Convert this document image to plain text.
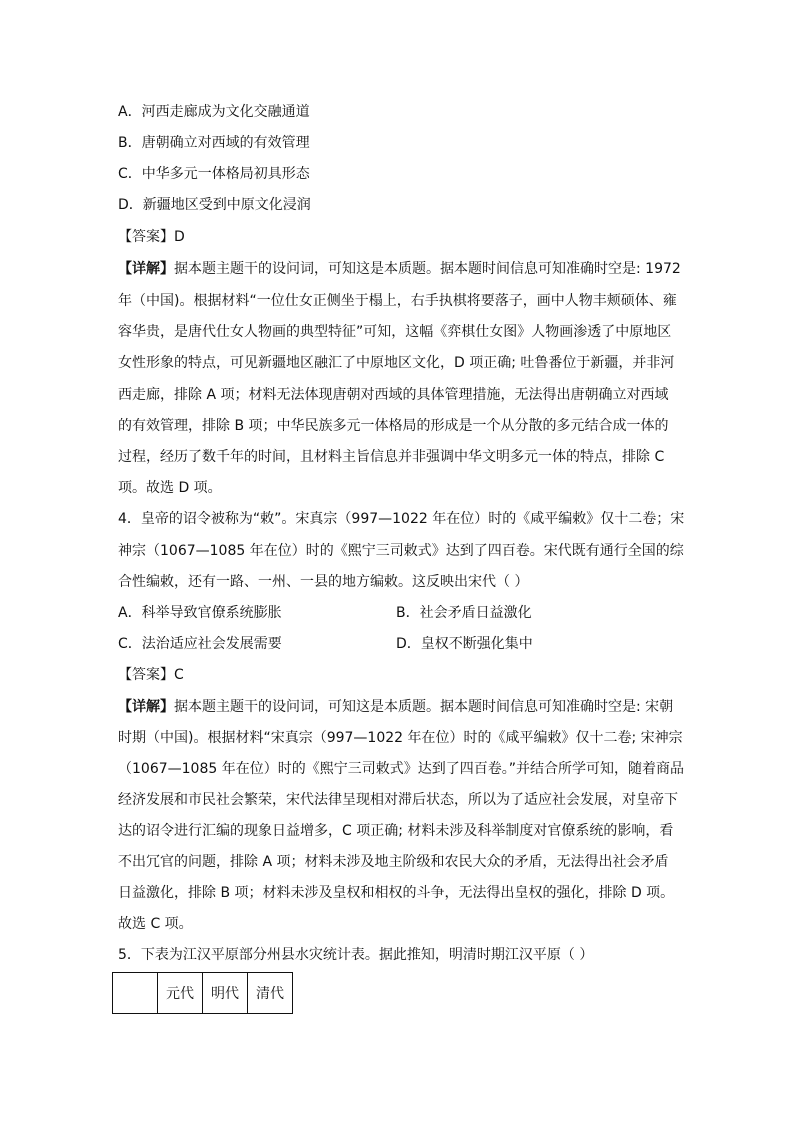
A．河西走廊成为文化交融通道
B．唐朝确立对西域的有效管理
C．中华多元一体格局初具形态
D．新疆地区受到中原文化浸润
【答案】D
【详解】据本题主题干的设问词，可知这是本质题。据本题时间信息可知准确时空是: 1972
年（中国)。根据材料“一位仕女正侧坐于榻上，右手执棋将要落子，画中人物丰颊硕体、雍
容华贵，是唐代仕女人物画的典型特征”可知，这幅《弈棋仕女图》人物画渗透了中原地区
女性形象的特点，可见新疆地区融汇了中原地区文化，D 项正确; 吐鲁番位于新疆，并非河
西走廊，排除 A 项；材料无法体现唐朝对西域的具体管理措施，无法得出唐朝确立对西域
的有效管理，排除 B 项；中华民族多元一体格局的形成是一个从分散的多元结合成一体的
过程，经历了数千年的时间，且材料主旨信息并非强调中华文明多元一体的特点，排除 C
项。故选 D 项。
4．皇帝的诏令被称为“敕”。宋真宗（997—1022 年在位）时的《咸平编敕》仅十二卷；宋
神宗（1067—1085 年在位）时的《熙宁三司敕式》达到了四百卷。宋代既有通行全国的综
合性编敕，还有一路、一州、一县的地方编敕。这反映出宋代（ ）
A．科举导致官僚系统膨胀	B．社会矛盾日益激化
C．法治适应社会发展需要	D．皇权不断强化集中
【答案】C
【详解】据本题主题干的设问词，可知这是本质题。据本题时间信息可知准确时空是: 宋朝
时期（中国)。根据材料“宋真宗（997—1022 年在位）时的《咸平编敕》仅十二卷; 宋神宗
（1067—1085 年在位）时的《熙宁三司敕式》达到了四百卷。”并结合所学可知，随着商品
经济发展和市民社会繁荣，宋代法律呈现相对滞后状态，所以为了适应社会发展，对皇帝下
达的诏令进行汇编的现象日益增多，C 项正确; 材料未涉及科举制度对官僚系统的影响，看
不出冗官的问题，排除 A 项；材料未涉及地主阶级和农民大众的矛盾，无法得出社会矛盾
日益激化，排除 B 项；材料未涉及皇权和相权的斗争，无法得出皇权的强化，排除 D 项。
故选 C 项。
5．下表为江汉平原部分州县水灾统计表。据此推知，明清时期江汉平原（ ）
	元代	明代	清代
